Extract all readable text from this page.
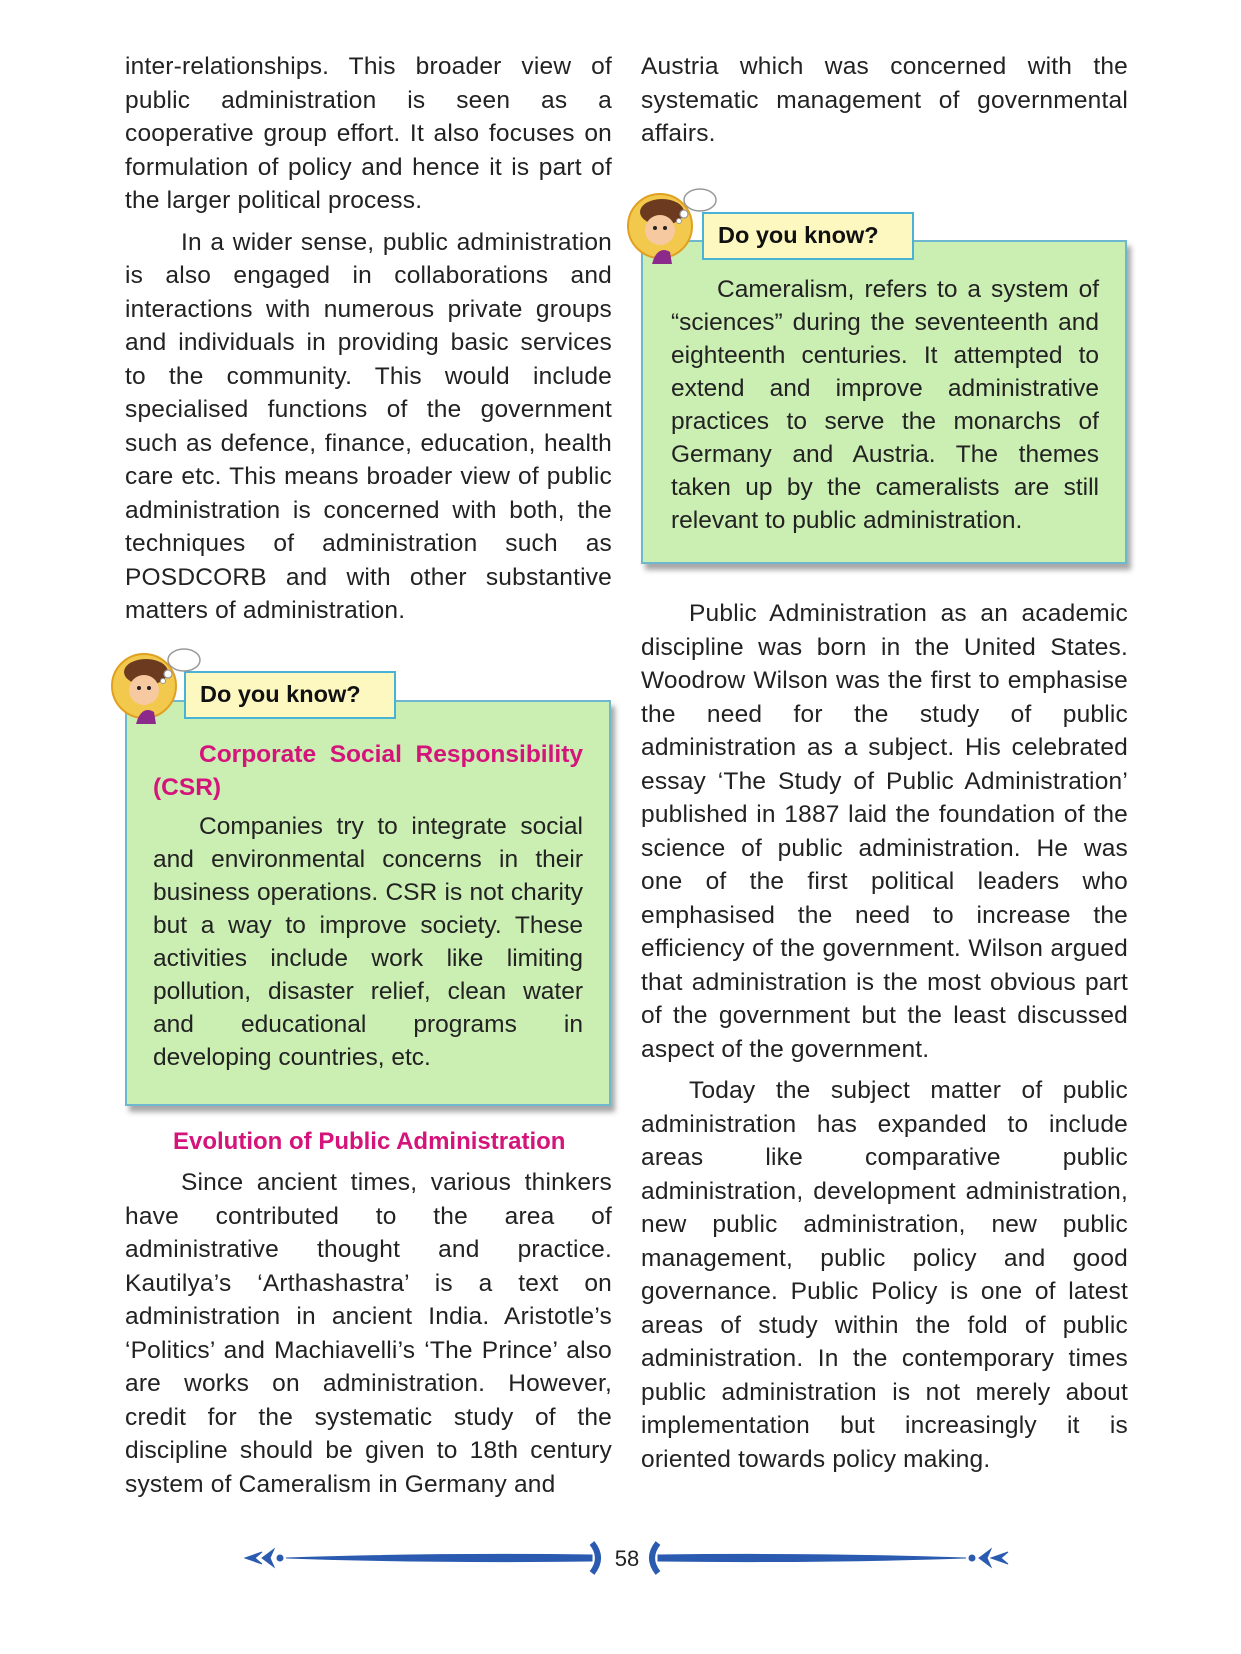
inter-relationships. This broader view of public administration is seen as a cooperative group effort. It also focuses on formulation of policy and hence it is part of the larger political process.

In a wider sense, public administration is also engaged in collaborations and interactions with numerous private groups and individuals in providing basic services to the community. This would include specialised functions of the government such as defence, finance, education, health care etc. This means broader view of public administration is concerned with both, the techniques of administration such as POSDCORB and with other substantive matters of administration.

Corporate Social Responsibility (CSR)

Companies try to integrate social and environmental concerns in their business operations. CSR is not charity but a way to improve society. These activities include work like limiting pollution, disaster relief, clean water and educational programs in developing countries, etc.

Do you know?

Evolution of Public Administration

Since ancient times, various thinkers have contributed to the area of administrative thought and practice. Kautilya’s ‘Arthashastra’ is a text on administration in ancient India. Aristotle’s ‘Politics’ and Machiavelli’s ‘The Prince’ also are works on administration. However, credit for the systematic study of the discipline should be given to 18th century system of Cameralism in Germany and

Austria which was concerned with the systematic management of governmental affairs.

Cameralism, refers to a system of “sciences” during the seventeenth and eighteenth centuries. It attempted to extend and improve administrative practices to serve the monarchs of Germany and Austria. The themes taken up by the cameralists are still relevant to public administration.

Do you know?

Public Administration as an academic discipline was born in the United States. Woodrow Wilson was the first to emphasise the need for the study of public administration as a subject. His celebrated essay ‘The Study of Public Administration’ published in 1887 laid the foundation of the science of public administration. He was one of the first political leaders who emphasised the need to increase the efficiency of the government. Wilson argued that administration is the most obvious part of the government but the least discussed aspect of the government.

Today the subject matter of public administration has expanded to include areas like comparative public administration, development administration, new public administration, new public management, public policy and good governance. Public Policy is one of latest areas of study within the fold of public administration. In the contemporary times public administration is not merely about implementation but increasingly it is oriented towards policy making.

58
